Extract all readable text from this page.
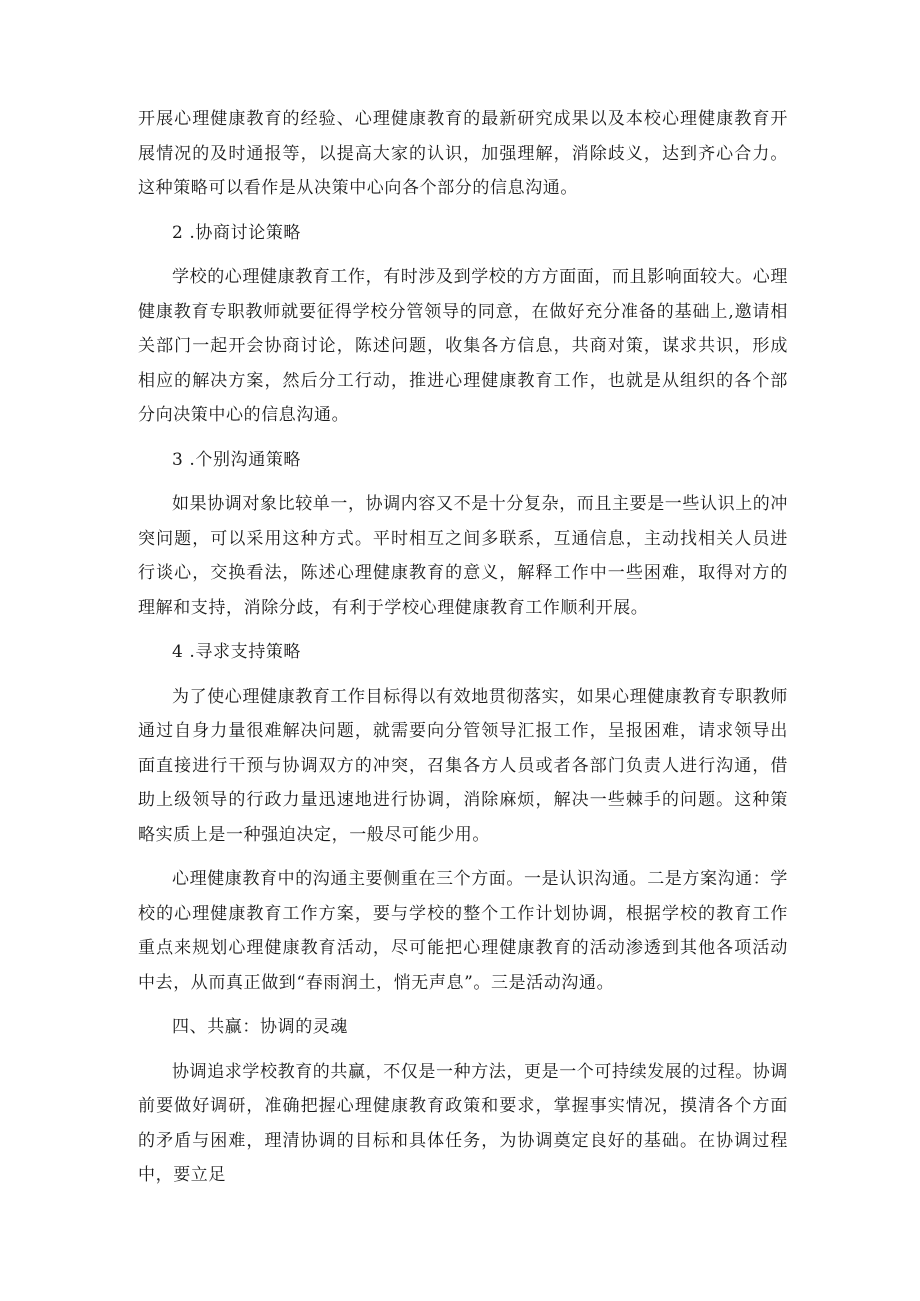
开展心理健康教育的经验、心理健康教育的最新研究成果以及本校心理健康教育开展情况的及时通报等，以提高大家的认识，加强理解，消除歧义，达到齐心合力。这种策略可以看作是从决策中心向各个部分的信息沟通。

2 .协商讨论策略

学校的心理健康教育工作，有时涉及到学校的方方面面，而且影响面较大。心理健康教育专职教师就要征得学校分管领导的同意，在做好充分准备的基础上,邀请相关部门一起开会协商讨论，陈述问题，收集各方信息，共商对策，谋求共识，形成相应的解决方案，然后分工行动，推进心理健康教育工作，也就是从组织的各个部分向决策中心的信息沟通。

3 .个别沟通策略

如果协调对象比较单一，协调内容又不是十分复杂，而且主要是一些认识上的冲突问题，可以采用这种方式。平时相互之间多联系，互通信息，主动找相关人员进行谈心，交换看法，陈述心理健康教育的意义，解释工作中一些困难，取得对方的理解和支持，消除分歧，有利于学校心理健康教育工作顺利开展。

4 .寻求支持策略

为了使心理健康教育工作目标得以有效地贯彻落实，如果心理健康教育专职教师通过自身力量很难解决问题，就需要向分管领导汇报工作，呈报困难，请求领导出面直接进行干预与协调双方的冲突，召集各方人员或者各部门负责人进行沟通，借助上级领导的行政力量迅速地进行协调，消除麻烦，解决一些棘手的问题。这种策略实质上是一种强迫决定，一般尽可能少用。

心理健康教育中的沟通主要侧重在三个方面。一是认识沟通。二是方案沟通：学校的心理健康教育工作方案，要与学校的整个工作计划协调，根据学校的教育工作重点来规划心理健康教育活动，尽可能把心理健康教育的活动渗透到其他各项活动中去，从而真正做到“春雨润土，悄无声息”。三是活动沟通。

四、共赢：协调的灵魂

协调追求学校教育的共赢，不仅是一种方法，更是一个可持续发展的过程。协调前要做好调研，准确把握心理健康教育政策和要求，掌握事实情况，摸清各个方面的矛盾与困难，理清协调的目标和具体任务，为协调奠定良好的基础。在协调过程中，要立足
